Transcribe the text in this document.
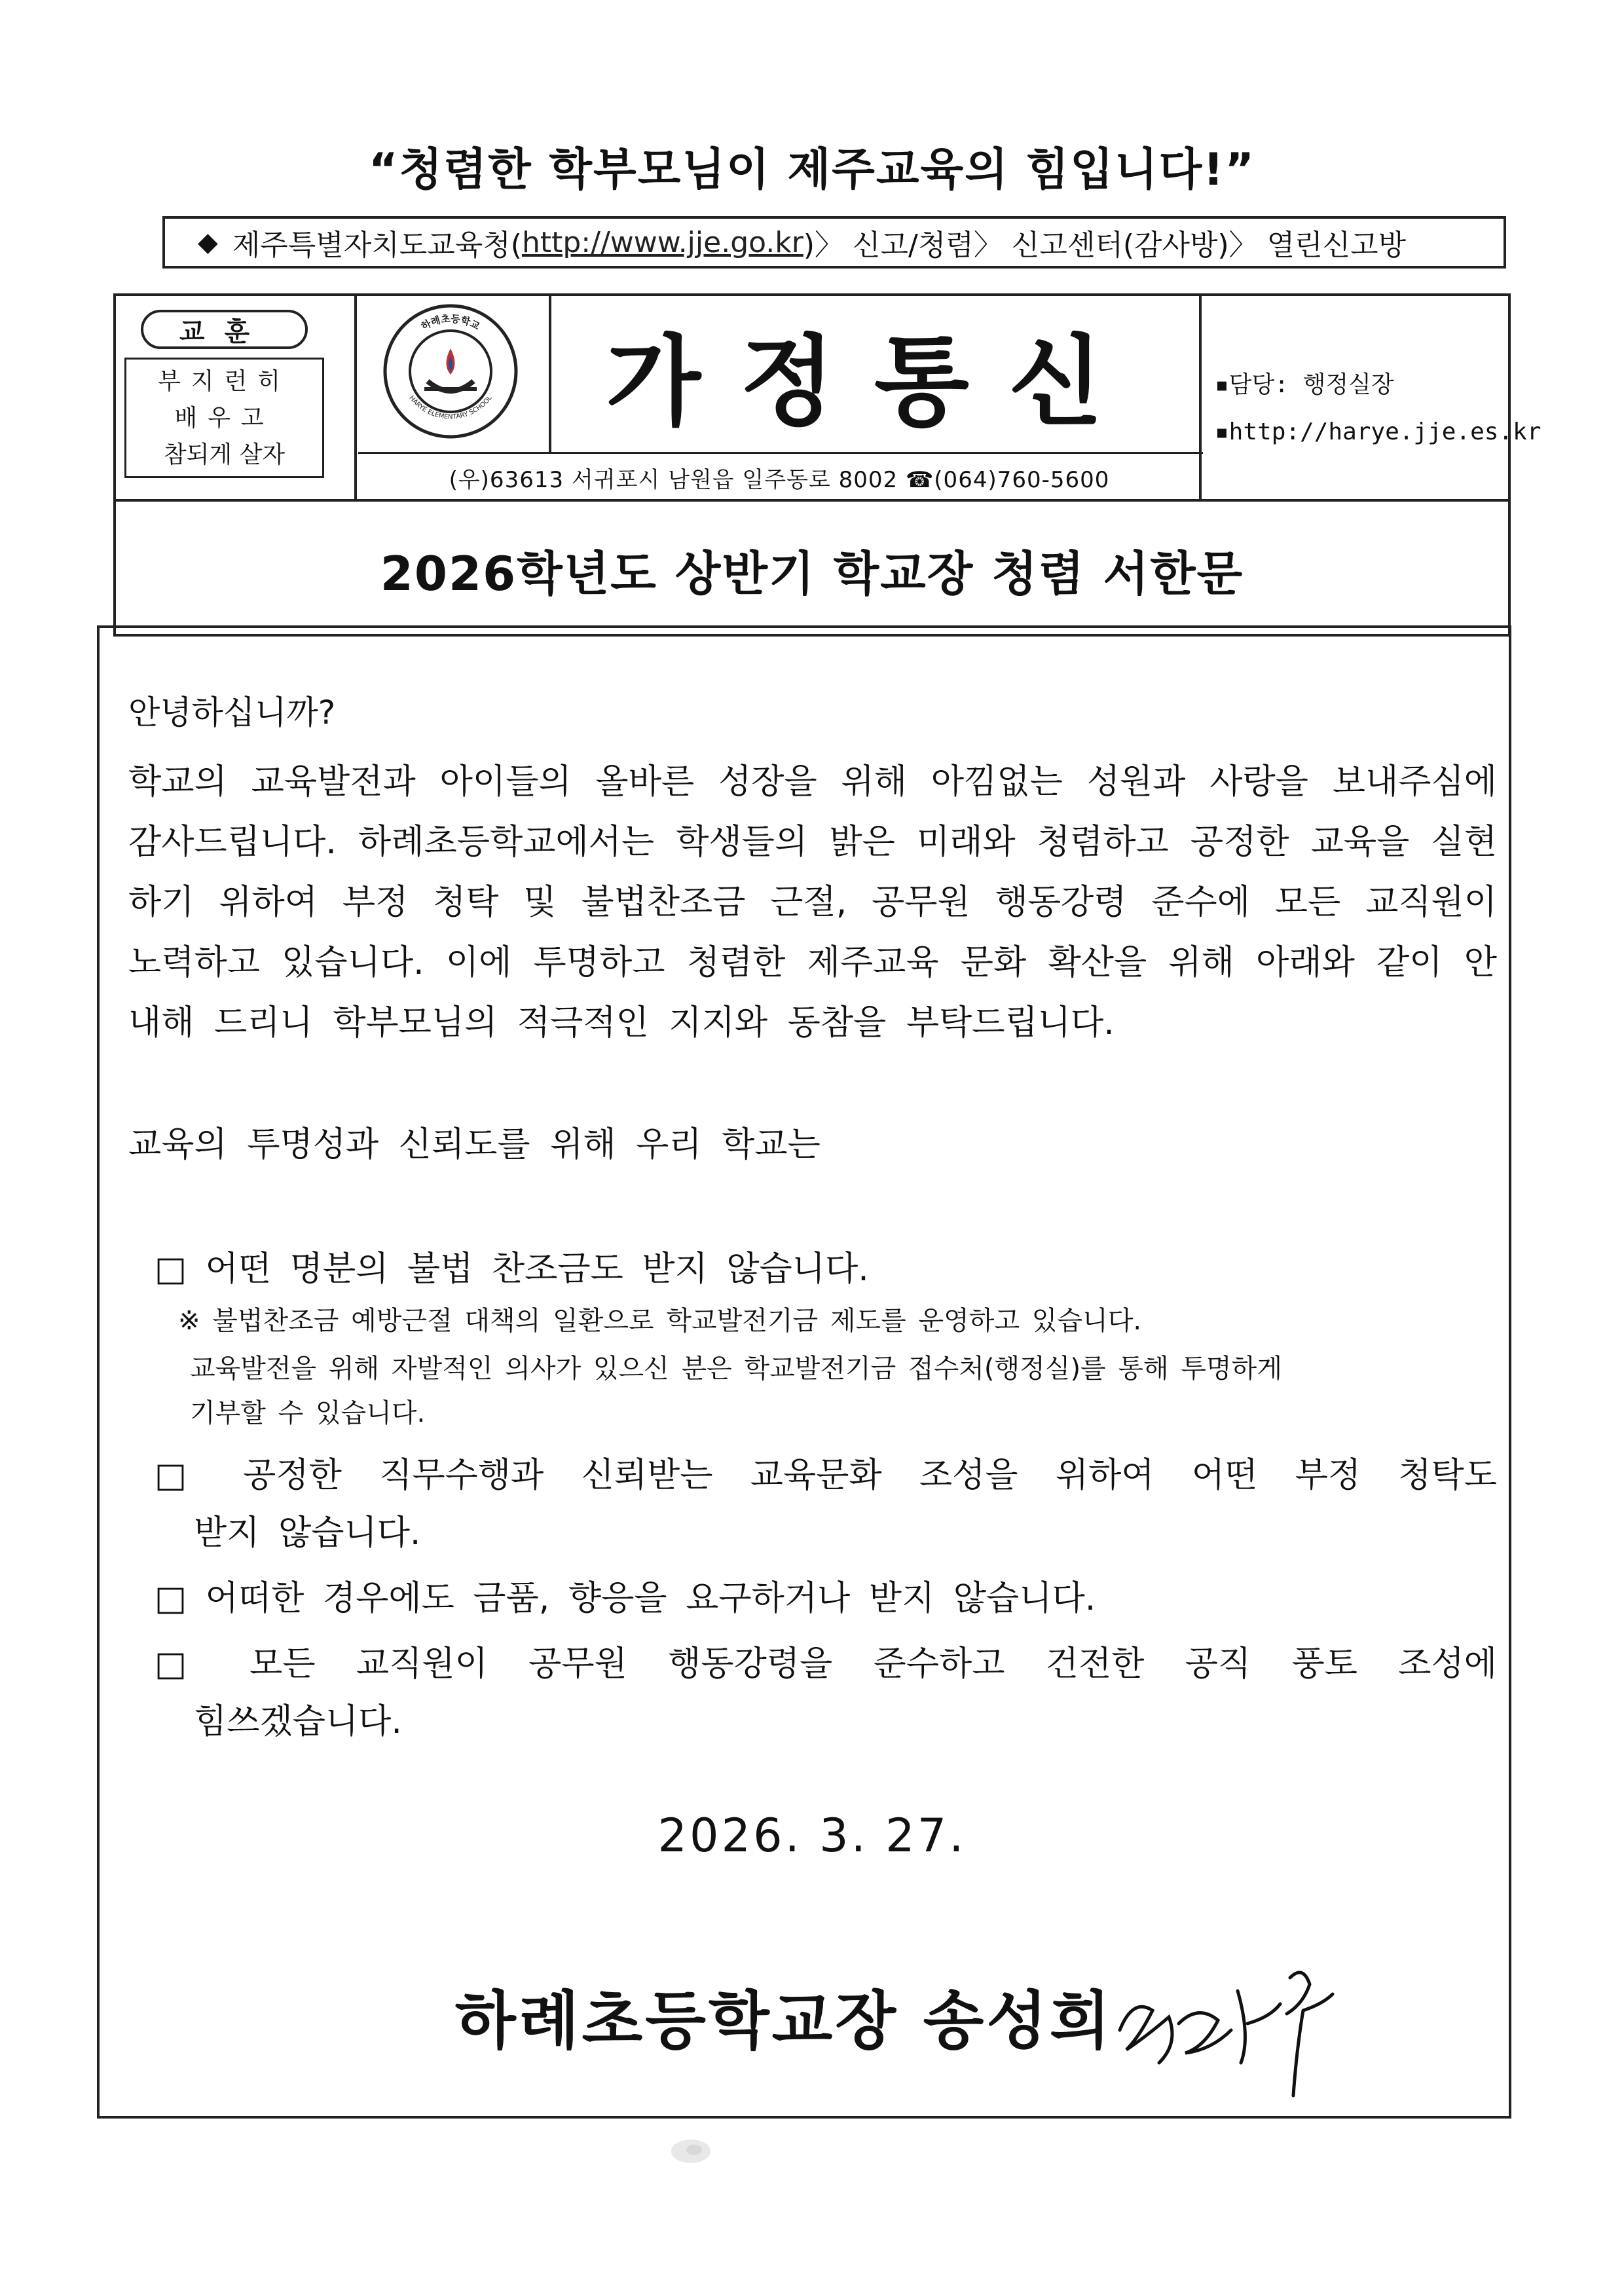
“청렴한 학부모님이 제주교육의 힘입니다!”
◆ 제주특별자치도교육청( http://www.jje.go.kr )〉 신고/청렴〉 신고센터(감사방)〉 열린신고방
교훈
부지런히
배우고
참되게 살자
하례초등학교
HARYE ELEMENTARY SCHOOL	가정통신
(우)63613 서귀포시 남원읍 일주동로 8002 ☎(064)760-5600
▪담당: 행정실장
▪http://harye.jje.es.kr
2026학년도 상반기 학교장 청렴 서한문
안녕하십니까?
학교의 교육발전과 아이들의 올바른 성장을 위해 아낌없는 성원과 사랑을 보내주심에 감사드립니다. 하례초등학교에서는 학생들의 밝은 미래와 청렴하고 공정한 교육을 실현하기 위하여 부정 청탁 및 불법찬조금 근절, 공무원 행동강령 준수에 모든 교직원이 노력하고 있습니다. 이에 투명하고 청렴한 제주교육 문화 확산을 위해 아래와 같이 안내해 드리니 학부모님의 적극적인 지지와 동참을 부탁드립니다.
교육의 투명성과 신뢰도를 위해 우리 학교는
□ 어떤 명분의 불법 찬조금도 받지 않습니다.
※ 불법찬조금 예방근절 대책의 일환으로 학교발전기금 제도를 운영하고 있습니다.
교육발전을 위해 자발적인 의사가 있으신 분은 학교발전기금 접수처(행정실)를 통해 투명하게
기부할 수 있습니다.
□ 공정한 직무수행과 신뢰받는 교육문화 조성을 위하여 어떤 부정 청탁도
받지 않습니다.
□ 어떠한 경우에도 금품, 향응을 요구하거나 받지 않습니다.
□ 모든 교직원이 공무원 행동강령을 준수하고 건전한 공직 풍토 조성에
힘쓰겠습니다.
2026. 3. 27.
하례초등학교장 송성희
